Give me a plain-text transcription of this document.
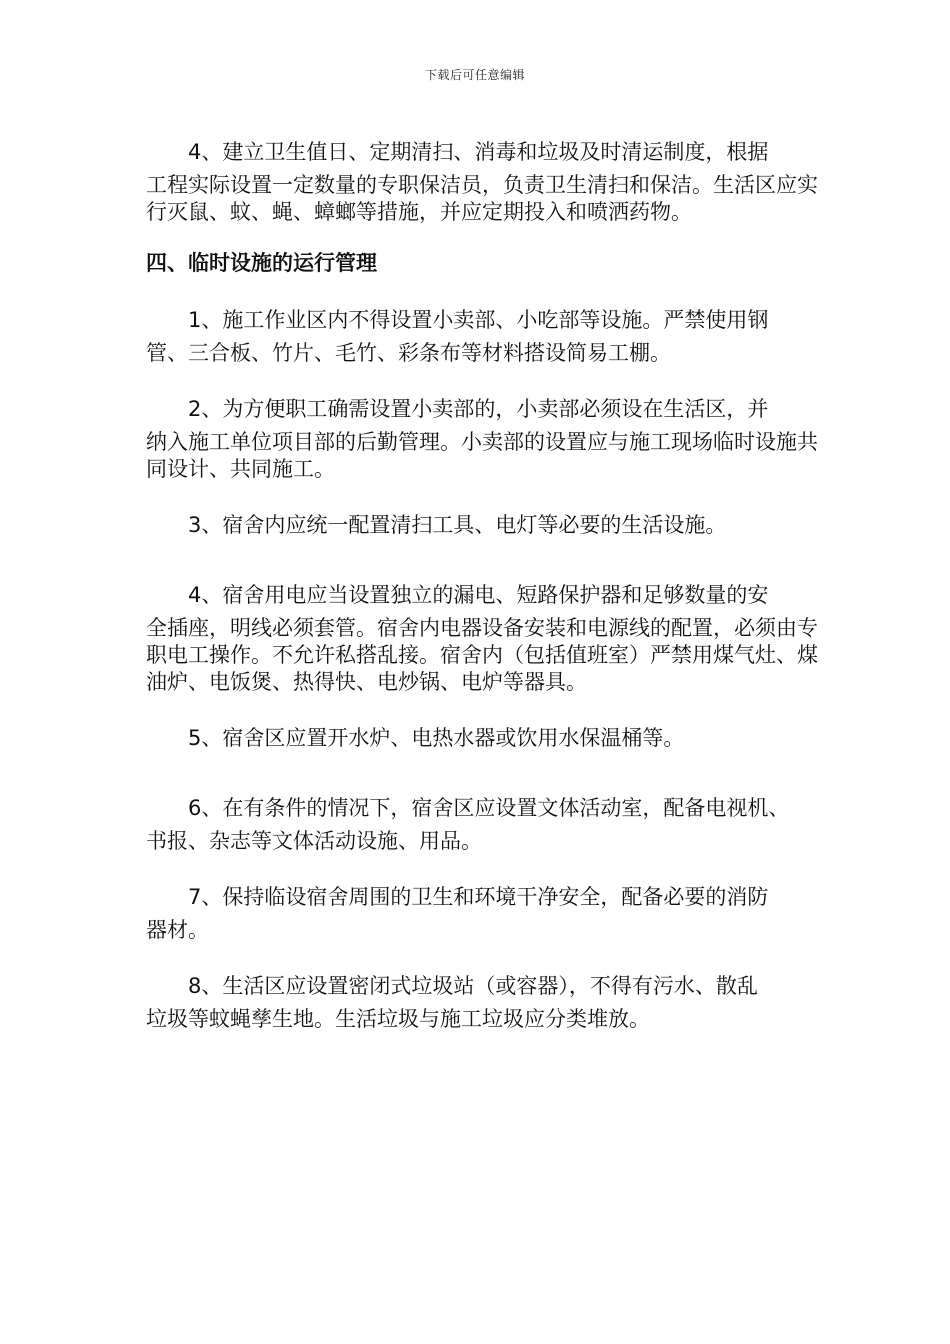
下载后可任意编辑
4、建立卫生值日、定期清扫、消毒和垃圾及时清运制度，根据
工程实际设置一定数量的专职保洁员，负责卫生清扫和保洁。生活区应实行灭鼠、蚊、蝇、蟑螂等措施，并应定期投入和喷洒药物。
四、临时设施的运行管理
1、施工作业区内不得设置小卖部、小吃部等设施。严禁使用钢
管、三合板、竹片、毛竹、彩条布等材料搭设简易工棚。
2、为方便职工确需设置小卖部的，小卖部必须设在生活区，并
纳入施工单位项目部的后勤管理。小卖部的设置应与施工现场临时设施共同设计、共同施工。
3、宿舍内应统一配置清扫工具、电灯等必要的生活设施。
4、宿舍用电应当设置独立的漏电、短路保护器和足够数量的安
全插座，明线必须套管。宿舍内电器设备安装和电源线的配置，必须由专职电工操作。不允许私搭乱接。宿舍内（包括值班室）严禁用煤气灶、煤油炉、电饭煲、热得快、电炒锅、电炉等器具。
5、宿舍区应置开水炉、电热水器或饮用水保温桶等。
6、在有条件的情况下，宿舍区应设置文体活动室，配备电视机、
书报、杂志等文体活动设施、用品。
7、保持临设宿舍周围的卫生和环境干净安全，配备必要的消防
器材。
8、生活区应设置密闭式垃圾站（或容器），不得有污水、散乱
垃圾等蚊蝇孳生地。生活垃圾与施工垃圾应分类堆放。
